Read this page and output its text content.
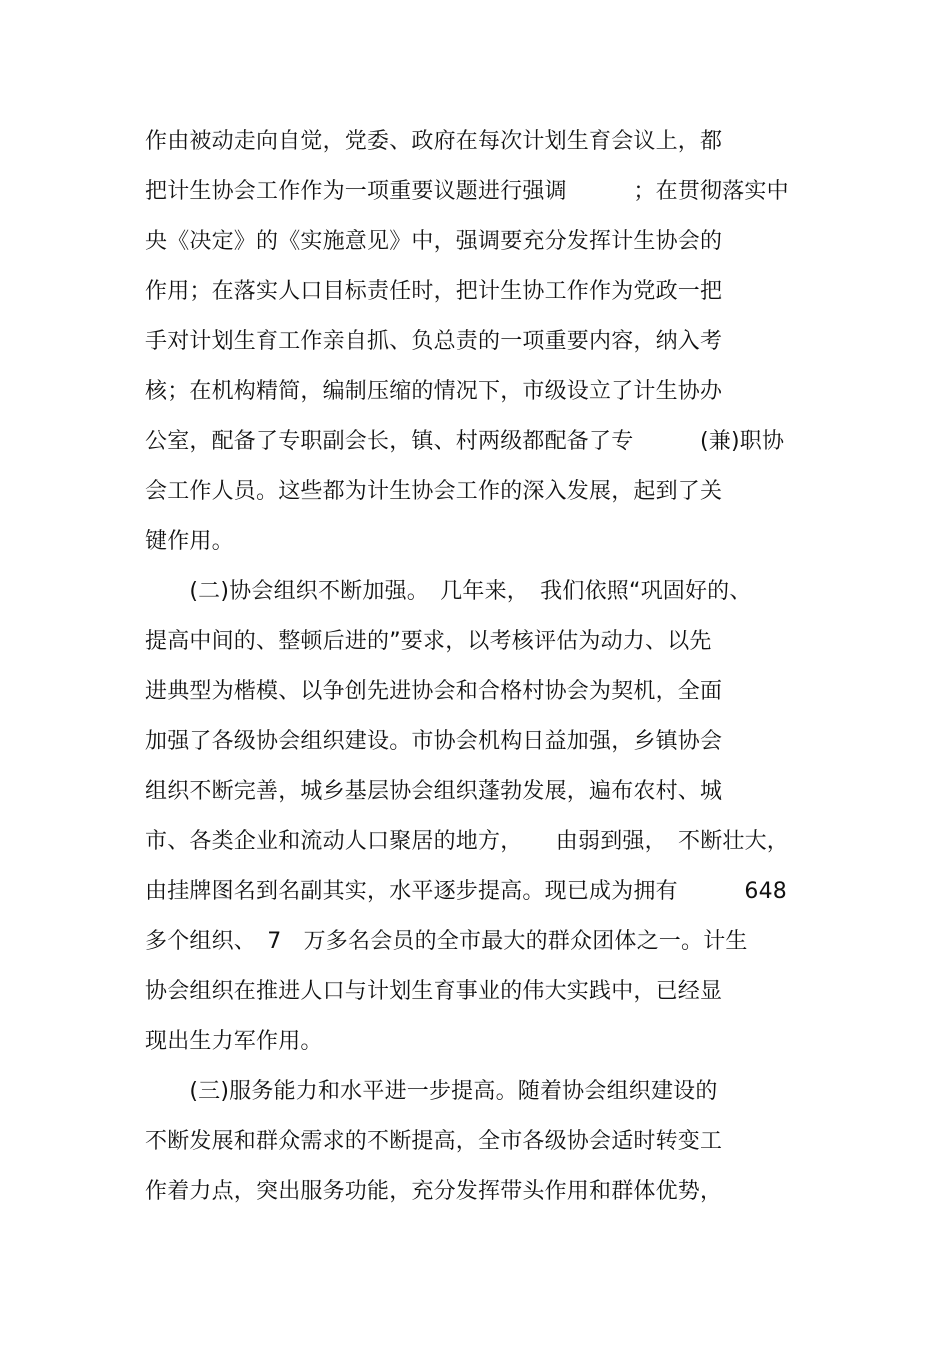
作由被动走向自觉，党委、政府在每次计划生育会议上，都
把计生协会工作作为一项重要议题进行强调　　　；在贯彻落实中
央《决定》的《实施意见》中，强调要充分发挥计生协会的
作用；在落实人口目标责任时，把计生协工作作为党政一把
手对计划生育工作亲自抓、负总责的一项重要内容，纳入考
核；在机构精简，编制压缩的情况下，市级设立了计生协办
公室，配备了专职副会长，镇、村两级都配备了专　　　(兼)职协
会工作人员。这些都为计生协会工作的深入发展，起到了关
键作用。
　　(二)协会组织不断加强。　几年来，　我们依照“巩固好的、
提高中间的、整顿后进的”要求，以考核评估为动力、以先
进典型为楷模、以争创先进协会和合格村协会为契机，全面
加强了各级协会组织建设。市协会机构日益加强，乡镇协会
组织不断完善，城乡基层协会组织蓬勃发展，遍布农村、城
市、各类企业和流动人口聚居的地方，　　由弱到强，　不断壮大，
由挂牌图名到名副其实，水平逐步提高。现已成为拥有　　　648
多个组织、　7　万多名会员的全市最大的群众团体之一。计生
协会组织在推进人口与计划生育事业的伟大实践中，已经显
现出生力军作用。
　　(三)服务能力和水平进一步提高。随着协会组织建设的
不断发展和群众需求的不断提高，全市各级协会适时转变工
作着力点，突出服务功能，充分发挥带头作用和群体优势，
